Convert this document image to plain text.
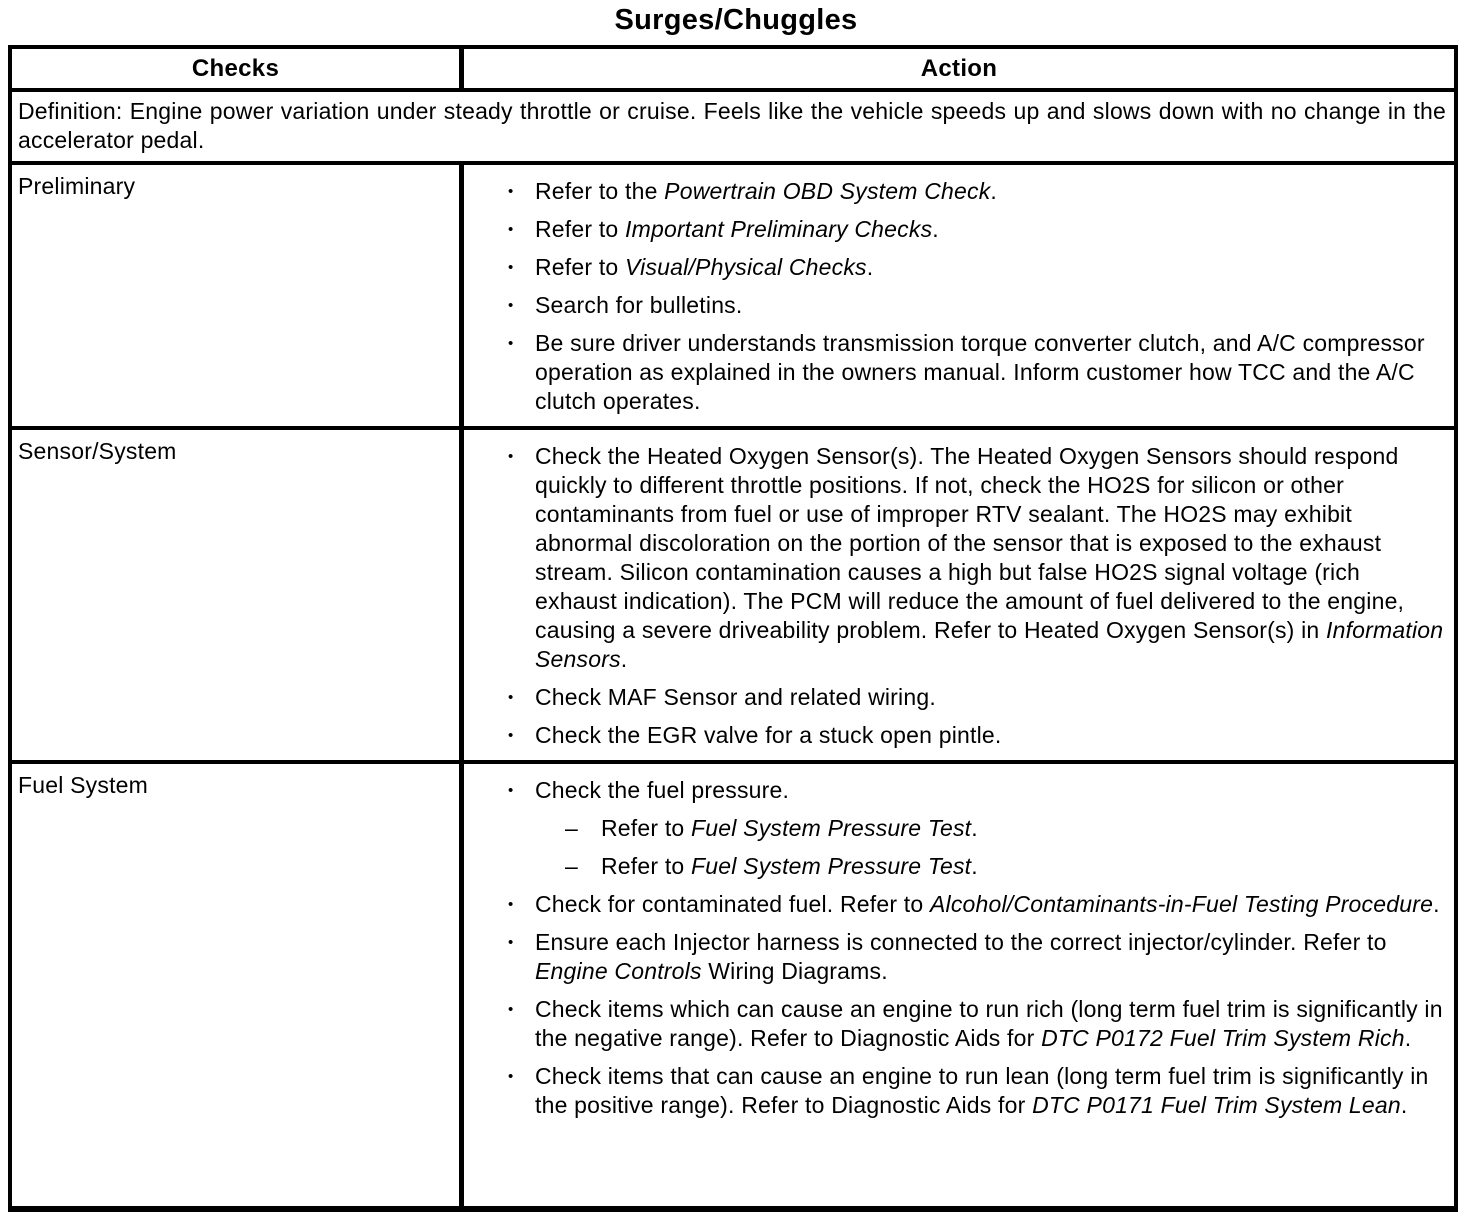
Surges/Chuggles
Checks	Action
Definition: Engine power variation under steady throttle or cruise. Feels like the vehicle speeds up and slows down with no change in the accelerator pedal.
Preliminary	• Refer to the Powertrain OBD System Check.
• Refer to Important Preliminary Checks.
• Refer to Visual/Physical Checks.
• Search for bulletins.
• Be sure driver understands transmission torque converter clutch, and A/C compressor operation as explained in the owners manual. Inform customer how TCC and the A/C clutch operates.
Sensor/System	• Check the Heated Oxygen Sensor(s). The Heated Oxygen Sensors should respond quickly to different throttle positions. If not, check the HO2S for silicon or other contaminants from fuel or use of improper RTV sealant. The HO2S may exhibit abnormal discoloration on the portion of the sensor that is exposed to the exhaust stream. Silicon contamination causes a high but false HO2S signal voltage (rich exhaust indication). The PCM will reduce the amount of fuel delivered to the engine, causing a severe driveability problem. Refer to Heated Oxygen Sensor(s) in Information Sensors.
• Check MAF Sensor and related wiring.
• Check the EGR valve for a stuck open pintle.
Fuel System	• Check the fuel pressure.
–	Refer to Fuel System Pressure Test.
–	Refer to Fuel System Pressure Test.
• Check for contaminated fuel. Refer to Alcohol/Contaminants-in-Fuel Testing Procedure.
• Ensure each Injector harness is connected to the correct injector/cylinder. Refer to Engine Controls Wiring Diagrams.
• Check items which can cause an engine to run rich (long term fuel trim is significantly in the negative range). Refer to Diagnostic Aids for DTC P0172 Fuel Trim System Rich.
• Check items that can cause an engine to run lean (long term fuel trim is significantly in the positive range). Refer to Diagnostic Aids for DTC P0171 Fuel Trim System Lean.
